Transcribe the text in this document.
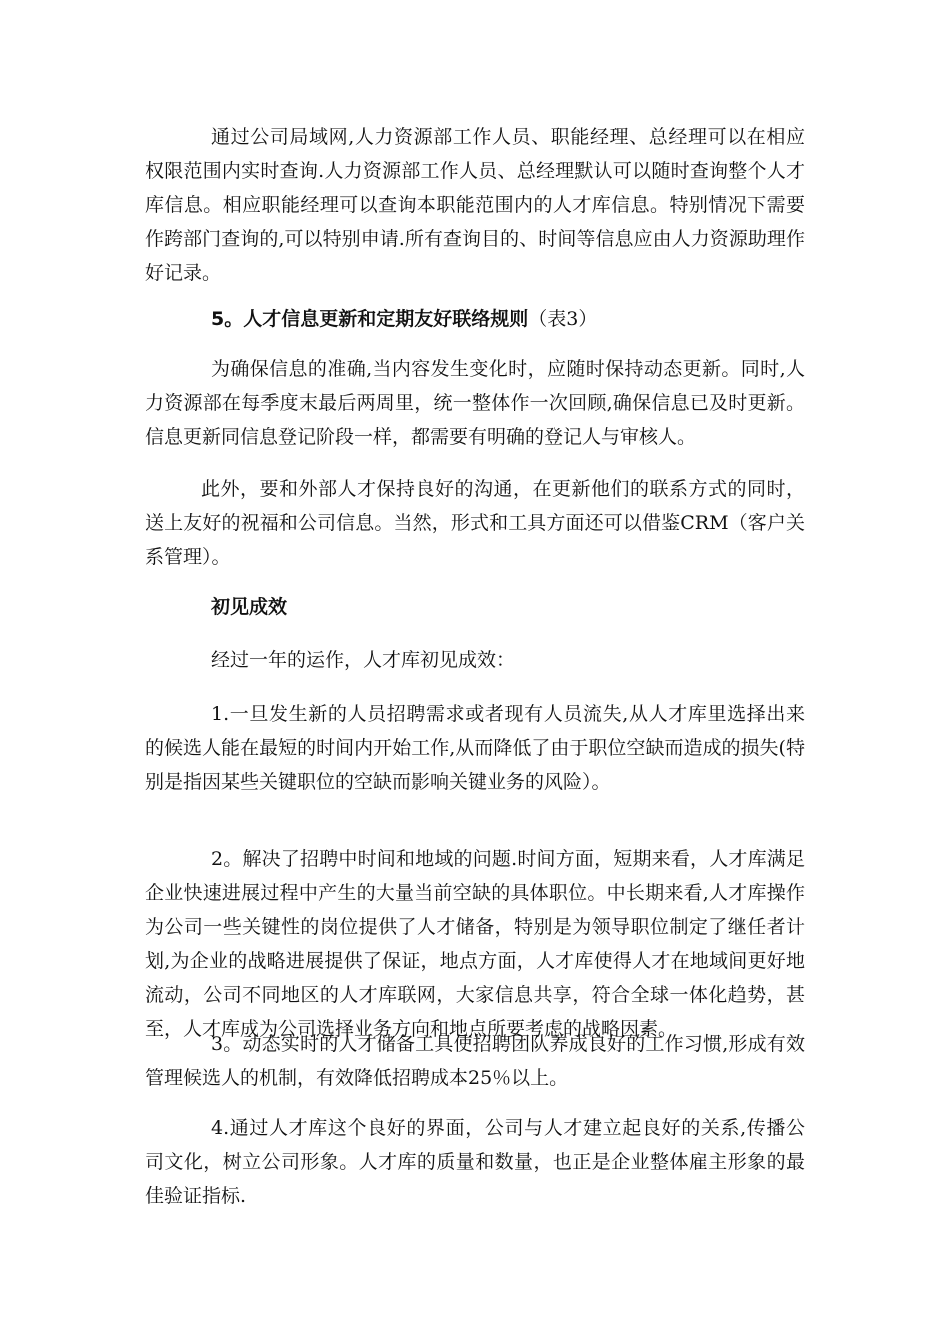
通过公司局域网,人力资源部工作人员、职能经理、总经理可以在相应权限范围内实时查询.人力资源部工作人员、总经理默认可以随时查询整个人才库信息。相应职能经理可以查询本职能范围内的人才库信息。特别情况下需要作跨部门查询的,可以特别申请.所有查询目的、时间等信息应由人力资源助理作好记录。

5。人才信息更新和定期友好联络规则（表3）

为确保信息的准确,当内容发生变化时，应随时保持动态更新。同时,人力资源部在每季度末最后两周里，统一整体作一次回顾,确保信息已及时更新。信息更新同信息登记阶段一样，都需要有明确的登记人与审核人。

此外，要和外部人才保持良好的沟通，在更新他们的联系方式的同时，送上友好的祝福和公司信息。当然，形式和工具方面还可以借鉴CRM（客户关系管理）。

初见成效

经过一年的运作，人才库初见成效：

1.一旦发生新的人员招聘需求或者现有人员流失,从人才库里选择出来的候选人能在最短的时间内开始工作,从而降低了由于职位空缺而造成的损失(特别是指因某些关键职位的空缺而影响关键业务的风险）。

2。解决了招聘中时间和地域的问题.时间方面，短期来看，人才库满足企业快速进展过程中产生的大量当前空缺的具体职位。中长期来看,人才库操作为公司一些关键性的岗位提供了人才储备，特别是为领导职位制定了继任者计划,为企业的战略进展提供了保证，地点方面，人才库使得人才在地域间更好地流动，公司不同地区的人才库联网，大家信息共享，符合全球一体化趋势，甚至，人才库成为公司选择业务方向和地点所要考虑的战略因素。

3。动态实时的人才储备工具使招聘团队养成良好的工作习惯,形成有效管理候选人的机制，有效降低招聘成本25％以上。

4.通过人才库这个良好的界面，公司与人才建立起良好的关系,传播公司文化，树立公司形象。人才库的质量和数量，也正是企业整体雇主形象的最佳验证指标.
